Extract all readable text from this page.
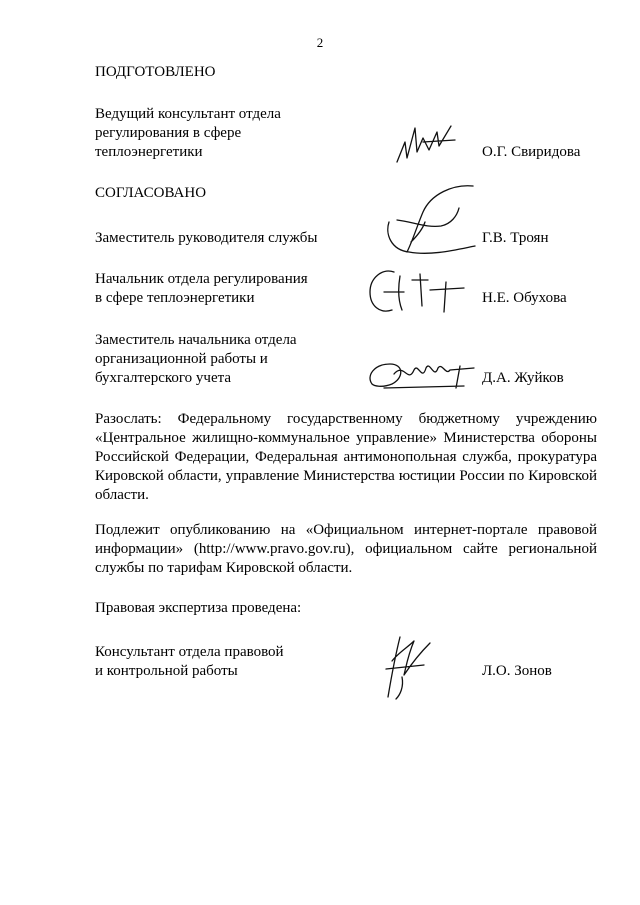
2
ПОДГОТОВЛЕНО
Ведущий консультант отдела
регулирования в сфере
теплоэнергетики	О.Г. Свиридова
СОГЛАСОВАНО
Заместитель руководителя службы	Г.В. Троян
Начальник отдела регулирования
в сфере теплоэнергетики	Н.Е. Обухова
Заместитель начальника отдела
организационной работы и
бухгалтерского учета	Д.А. Жуйков
Разослать: Федеральному государственному бюджетному учреждению «Центральное жилищно-коммунальное управление» Министерства обороны Российской Федерации, Федеральная антимонопольная служба, прокуратура Кировской области, управление Министерства юстиции России по Кировской области.
Подлежит опубликованию на «Официальном интернет-портале правовой информации» (http://www.pravo.gov.ru), официальном сайте региональной службы по тарифам Кировской области.
Правовая экспертиза проведена:
Консультант отдела правовой
и контрольной работы	Л.О. Зонов
